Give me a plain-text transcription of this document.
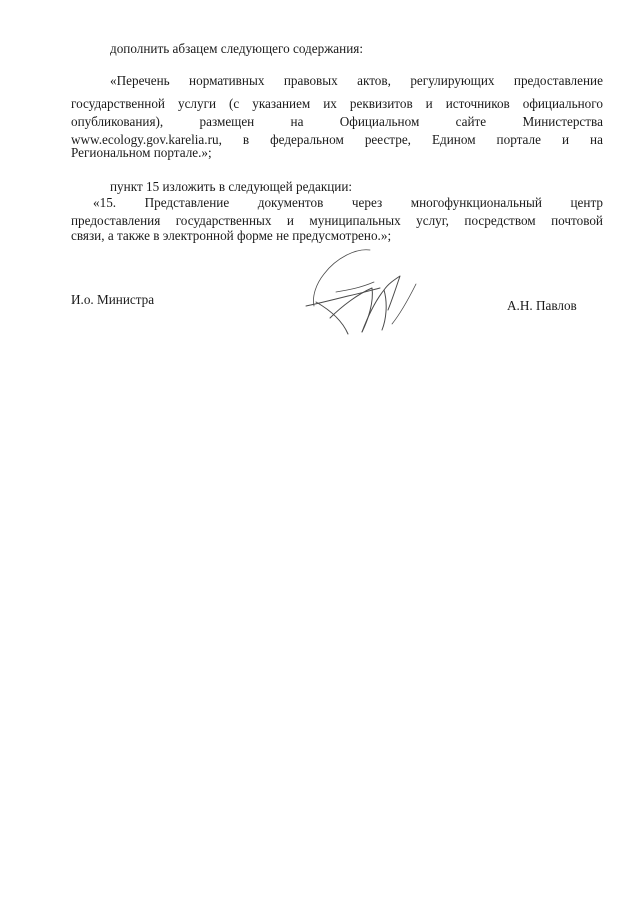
дополнить абзацем следующего содержания:
«Перечень нормативных правовых актов, регулирующих предоставление
государственной услуги (с указанием их реквизитов и источников официального
опубликования),	размещен	на	Официальном	сайте	Министерства
www.ecology.gov.karelia.ru, в федеральном реестре, Едином портале и на
Региональном портале.»;
пункт 15 изложить в следующей редакции:
«15. Представление документов через многофункциональный центр
предоставления государственных и муниципальных услуг, посредством почтовой
связи, а также в электронной форме не предусмотрено.»;
И.о. Министра	А.Н. Павлов
